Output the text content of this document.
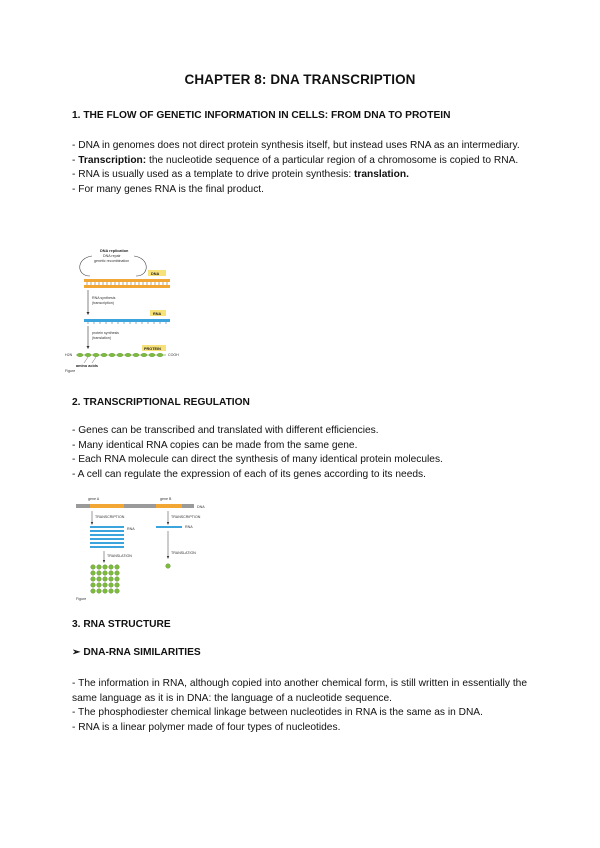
CHAPTER 8: DNA TRANSCRIPTION
1. THE FLOW OF GENETIC INFORMATION IN CELLS: FROM DNA TO PROTEIN

- DNA in genomes does not direct protein synthesis itself, but instead uses RNA as an intermediary.

- Transcription: the nucleotide sequence of a particular region of a chromosome is copied to RNA.

- RNA is usually used as a template to drive protein synthesis: translation.

- For many genes RNA is the final product.

DNA replication
DNA repair
genetic recombination
DNA
RNA synthesis
(transcription)
RNA
protein synthesis
(translation)
PROTEIN
H2N	COOH
amino acids
Figure
2. TRANSCRIPTIONAL REGULATION

- Genes can be transcribed and translated with different efficiencies.

- Many identical RNA copies can be made from the same gene.

- Each RNA molecule can direct the synthesis of many identical protein molecules.

- A cell can regulate the expression of each of its genes according to its needs.

gene A	gene B
DNA
TRANSCRIPTION
RNA
TRANSLATION
TRANSCRIPTION
RNA
TRANSLATION
Figure
3. RNA STRUCTURE
➢ DNA-RNA SIMILARITIES

- The information in RNA, although copied into another chemical form, is still written in essentially the same language as it is in DNA: the language of a nucleotide sequence.

- The phosphodiester chemical linkage between nucleotides in RNA is the same as in DNA.

- RNA is a linear polymer made of four types of nucleotides.
